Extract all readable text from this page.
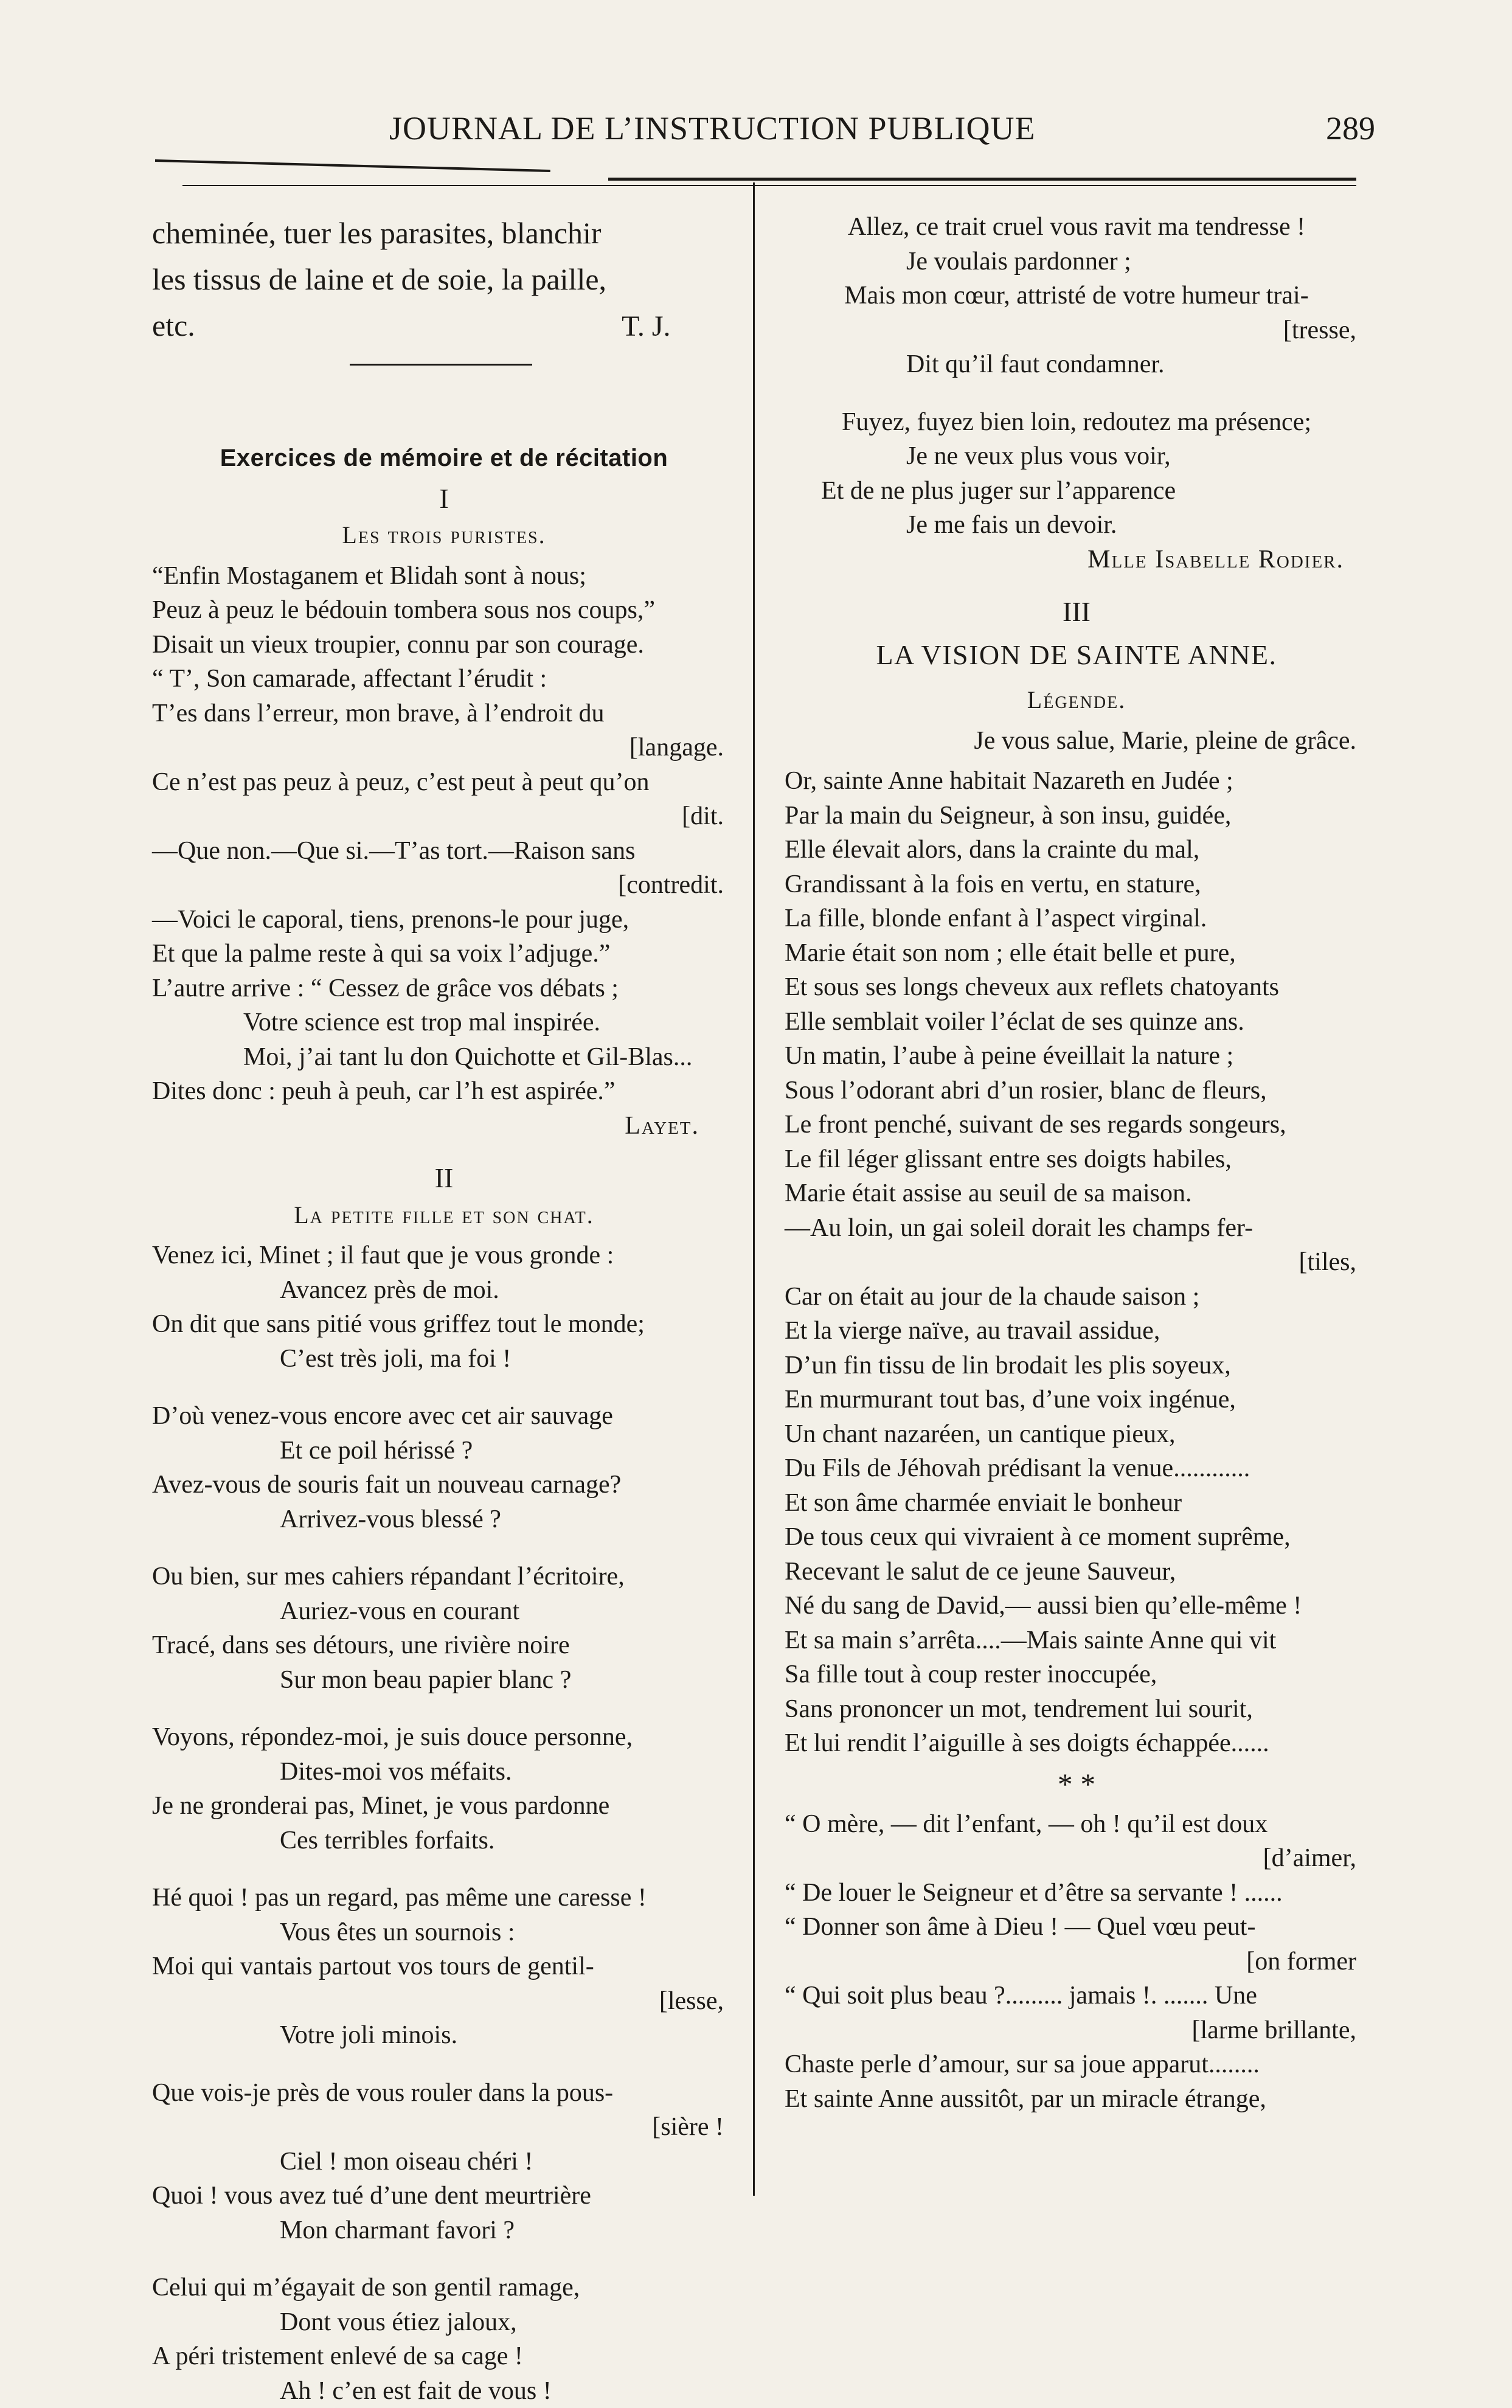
JOURNAL DE L’INSTRUCTION PUBLIQUE	289
cheminée, tuer les parasites, blanchir
les tissus de laine et de soie, la paille,
etc.	T. J.
Exercices de mémoire et de récitation
I
Les trois puristes.
“Enfin Mostaganem et Blidah sont à nous;
Peuz à peuz le bédouin tombera sous nos coups,”
Disait un vieux troupier, connu par son courage.
“ T’, Son camarade, affectant l’érudit :
T’es dans l’erreur, mon brave, à l’endroit du
[langage.
Ce n’est pas peuz à peuz, c’est peut à peut qu’on
[dit.
—Que non.—Que si.—T’as tort.—Raison sans
[contredit.
—Voici le caporal, tiens, prenons-le pour juge,
Et que la palme reste à qui sa voix l’adjuge.”
L’autre arrive : “ Cessez de grâce vos débats ;
Votre science est trop mal inspirée.
Moi, j’ai tant lu don Quichotte et Gil-Blas...
Dites donc : peuh à peuh, car l’h est aspirée.”
Layet.
II
La petite fille et son chat.
Venez ici, Minet ; il faut que je vous gronde :
Avancez près de moi.
On dit que sans pitié vous griffez tout le monde;
C’est très joli, ma foi !
D’où venez-vous encore avec cet air sauvage
Et ce poil hérissé ?
Avez-vous de souris fait un nouveau carnage?
Arrivez-vous blessé ?
Ou bien, sur mes cahiers répandant l’écritoire,
Auriez-vous en courant
Tracé, dans ses détours, une rivière noire
Sur mon beau papier blanc ?
Voyons, répondez-moi, je suis douce personne,
Dites-moi vos méfaits.
Je ne gronderai pas, Minet, je vous pardonne
Ces terribles forfaits.
Hé quoi ! pas un regard, pas même une caresse !
Vous êtes un sournois :
Moi qui vantais partout vos tours de gentil-
[lesse,
Votre joli minois.
Que vois-je près de vous rouler dans la pous-
[sière !
Ciel ! mon oiseau chéri !
Quoi ! vous avez tué d’une dent meurtrière
Mon charmant favori ?
Celui qui m’égayait de son gentil ramage,
Dont vous étiez jaloux,
A péri tristement enlevé de sa cage !
Ah ! c’en est fait de vous !
Allez, ce trait cruel vous ravit ma tendresse !
Je voulais pardonner ;
Mais mon cœur, attristé de votre humeur trai-
[tresse,
Dit qu’il faut condamner.
Fuyez, fuyez bien loin, redoutez ma présence;
Je ne veux plus vous voir,
Et de ne plus juger sur l’apparence
Je me fais un devoir.
Mlle Isabelle Rodier.
III
LA VISION DE SAINTE ANNE.
Légende.
Je vous salue, Marie, pleine de grâce.
Or, sainte Anne habitait Nazareth en Judée ;
Par la main du Seigneur, à son insu, guidée,
Elle élevait alors, dans la crainte du mal,
Grandissant à la fois en vertu, en stature,
La fille, blonde enfant à l’aspect virginal.
Marie était son nom ; elle était belle et pure,
Et sous ses longs cheveux aux reflets chatoyants
Elle semblait voiler l’éclat de ses quinze ans.
Un matin, l’aube à peine éveillait la nature ;
Sous l’odorant abri d’un rosier, blanc de fleurs,
Le front penché, suivant de ses regards songeurs,
Le fil léger glissant entre ses doigts habiles,
Marie était assise au seuil de sa maison.
—Au loin, un gai soleil dorait les champs fer-
[tiles,
Car on était au jour de la chaude saison ;
Et la vierge naïve, au travail assidue,
D’un fin tissu de lin brodait les plis soyeux,
En murmurant tout bas, d’une voix ingénue,
Un chant nazaréen, un cantique pieux,
Du Fils de Jéhovah prédisant la venue............
Et son âme charmée enviait le bonheur
De tous ceux qui vivraient à ce moment suprême,
Recevant le salut de ce jeune Sauveur,
Né du sang de David,— aussi bien qu’elle-même !
Et sa main s’arrêta....—Mais sainte Anne qui vit
Sa fille tout à coup rester inoccupée,
Sans prononcer un mot, tendrement lui sourit,
Et lui rendit l’aiguille à ses doigts échappée......
* *
“ O mère, — dit l’enfant, — oh ! qu’il est doux
[d’aimer,
“ De louer le Seigneur et d’être sa servante ! ......
“ Donner son âme à Dieu ! — Quel vœu peut-
[on former
“ Qui soit plus beau ?......... jamais !. ....... Une
[larme brillante,
Chaste perle d’amour, sur sa joue apparut........
Et sainte Anne aussitôt, par un miracle étrange,
